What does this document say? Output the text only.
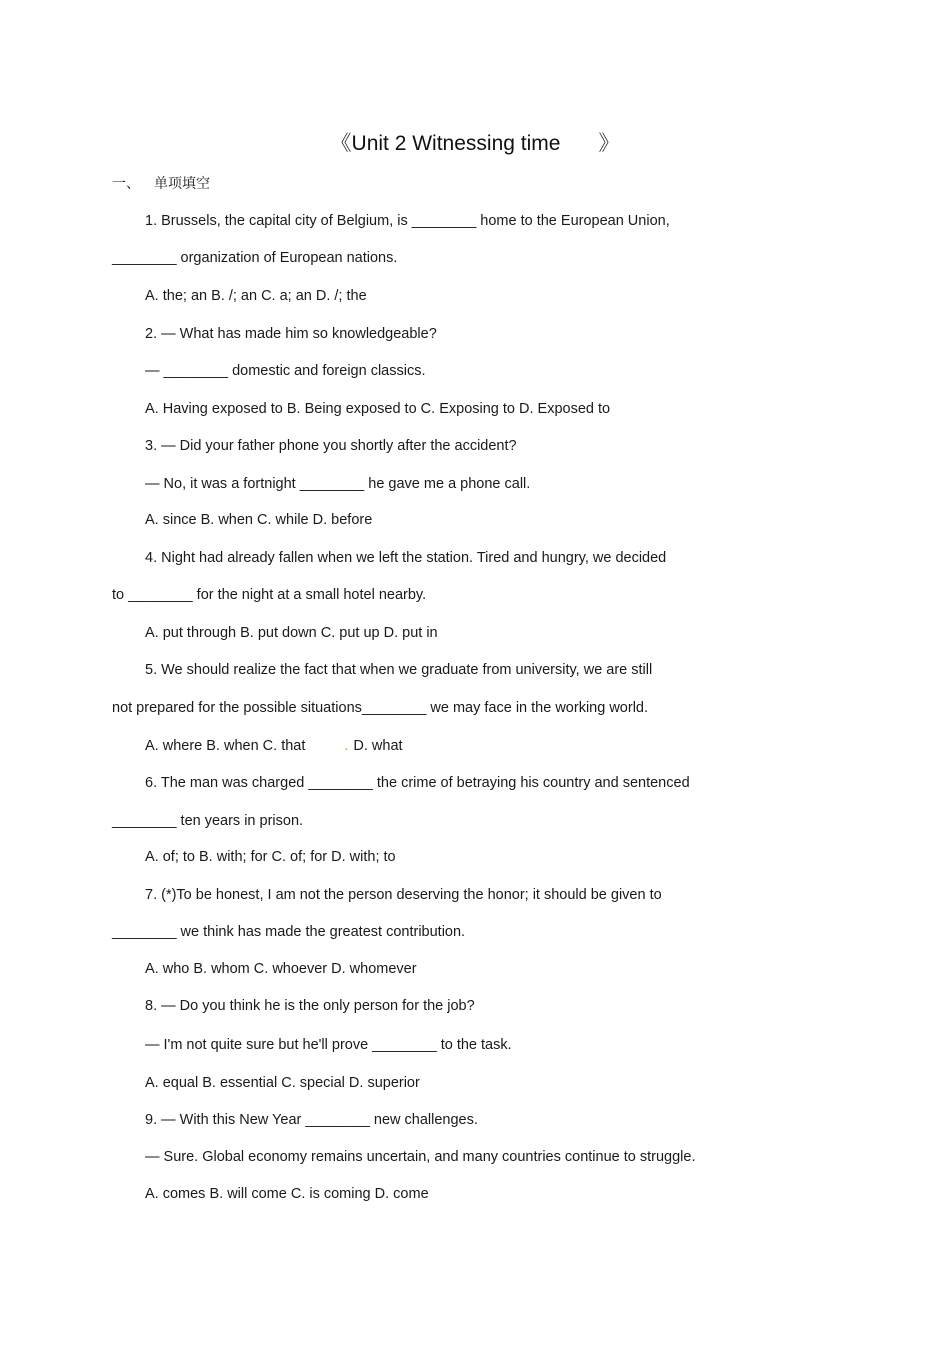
《Unit 2 Witnessing time 》
一、 单项填空
1. Brussels, the capital city of Belgium, is ________ home to the European Union,
________ organization of European nations.
A. the; an B. /; an C. a; an D. /; the
2. — What has made him so knowledgeable?
— ________ domestic and foreign classics.
A. Having exposed to B. Being exposed to C. Exposing to D. Exposed to
3. — Did your father phone you shortly after the accident?
— No, it was a fortnight ________ he gave me a phone call.
A. since B. when C. while D. before
4. Night had already fallen when we left the station. Tired and hungry, we decided
to ________ for the night at a small hotel nearby.
A. put through B. put down C. put up D. put in
5. We should realize the fact that when we graduate from university, we are still
not prepared for the possible situations________ we may face in the working world.
A. where B. when C. that	. D. what
6. The man was charged ________ the crime of betraying his country and sentenced
________ ten years in prison.
A. of; to B. with; for C. of; for D. with; to
7. (*)To be honest, I am not the person deserving the honor; it should be given to
________ we think has made the greatest contribution.
A. who B. whom C. whoever D. whomever
8. — Do you think he is the only person for the job?
— I'm not quite sure but he'll prove ________ to the task.
A. equal B. essential C. special D. superior
9. — With this New Year ________ new challenges.
— Sure. Global economy remains uncertain, and many countries continue to struggle.
A. comes B. will come C. is coming D. come
